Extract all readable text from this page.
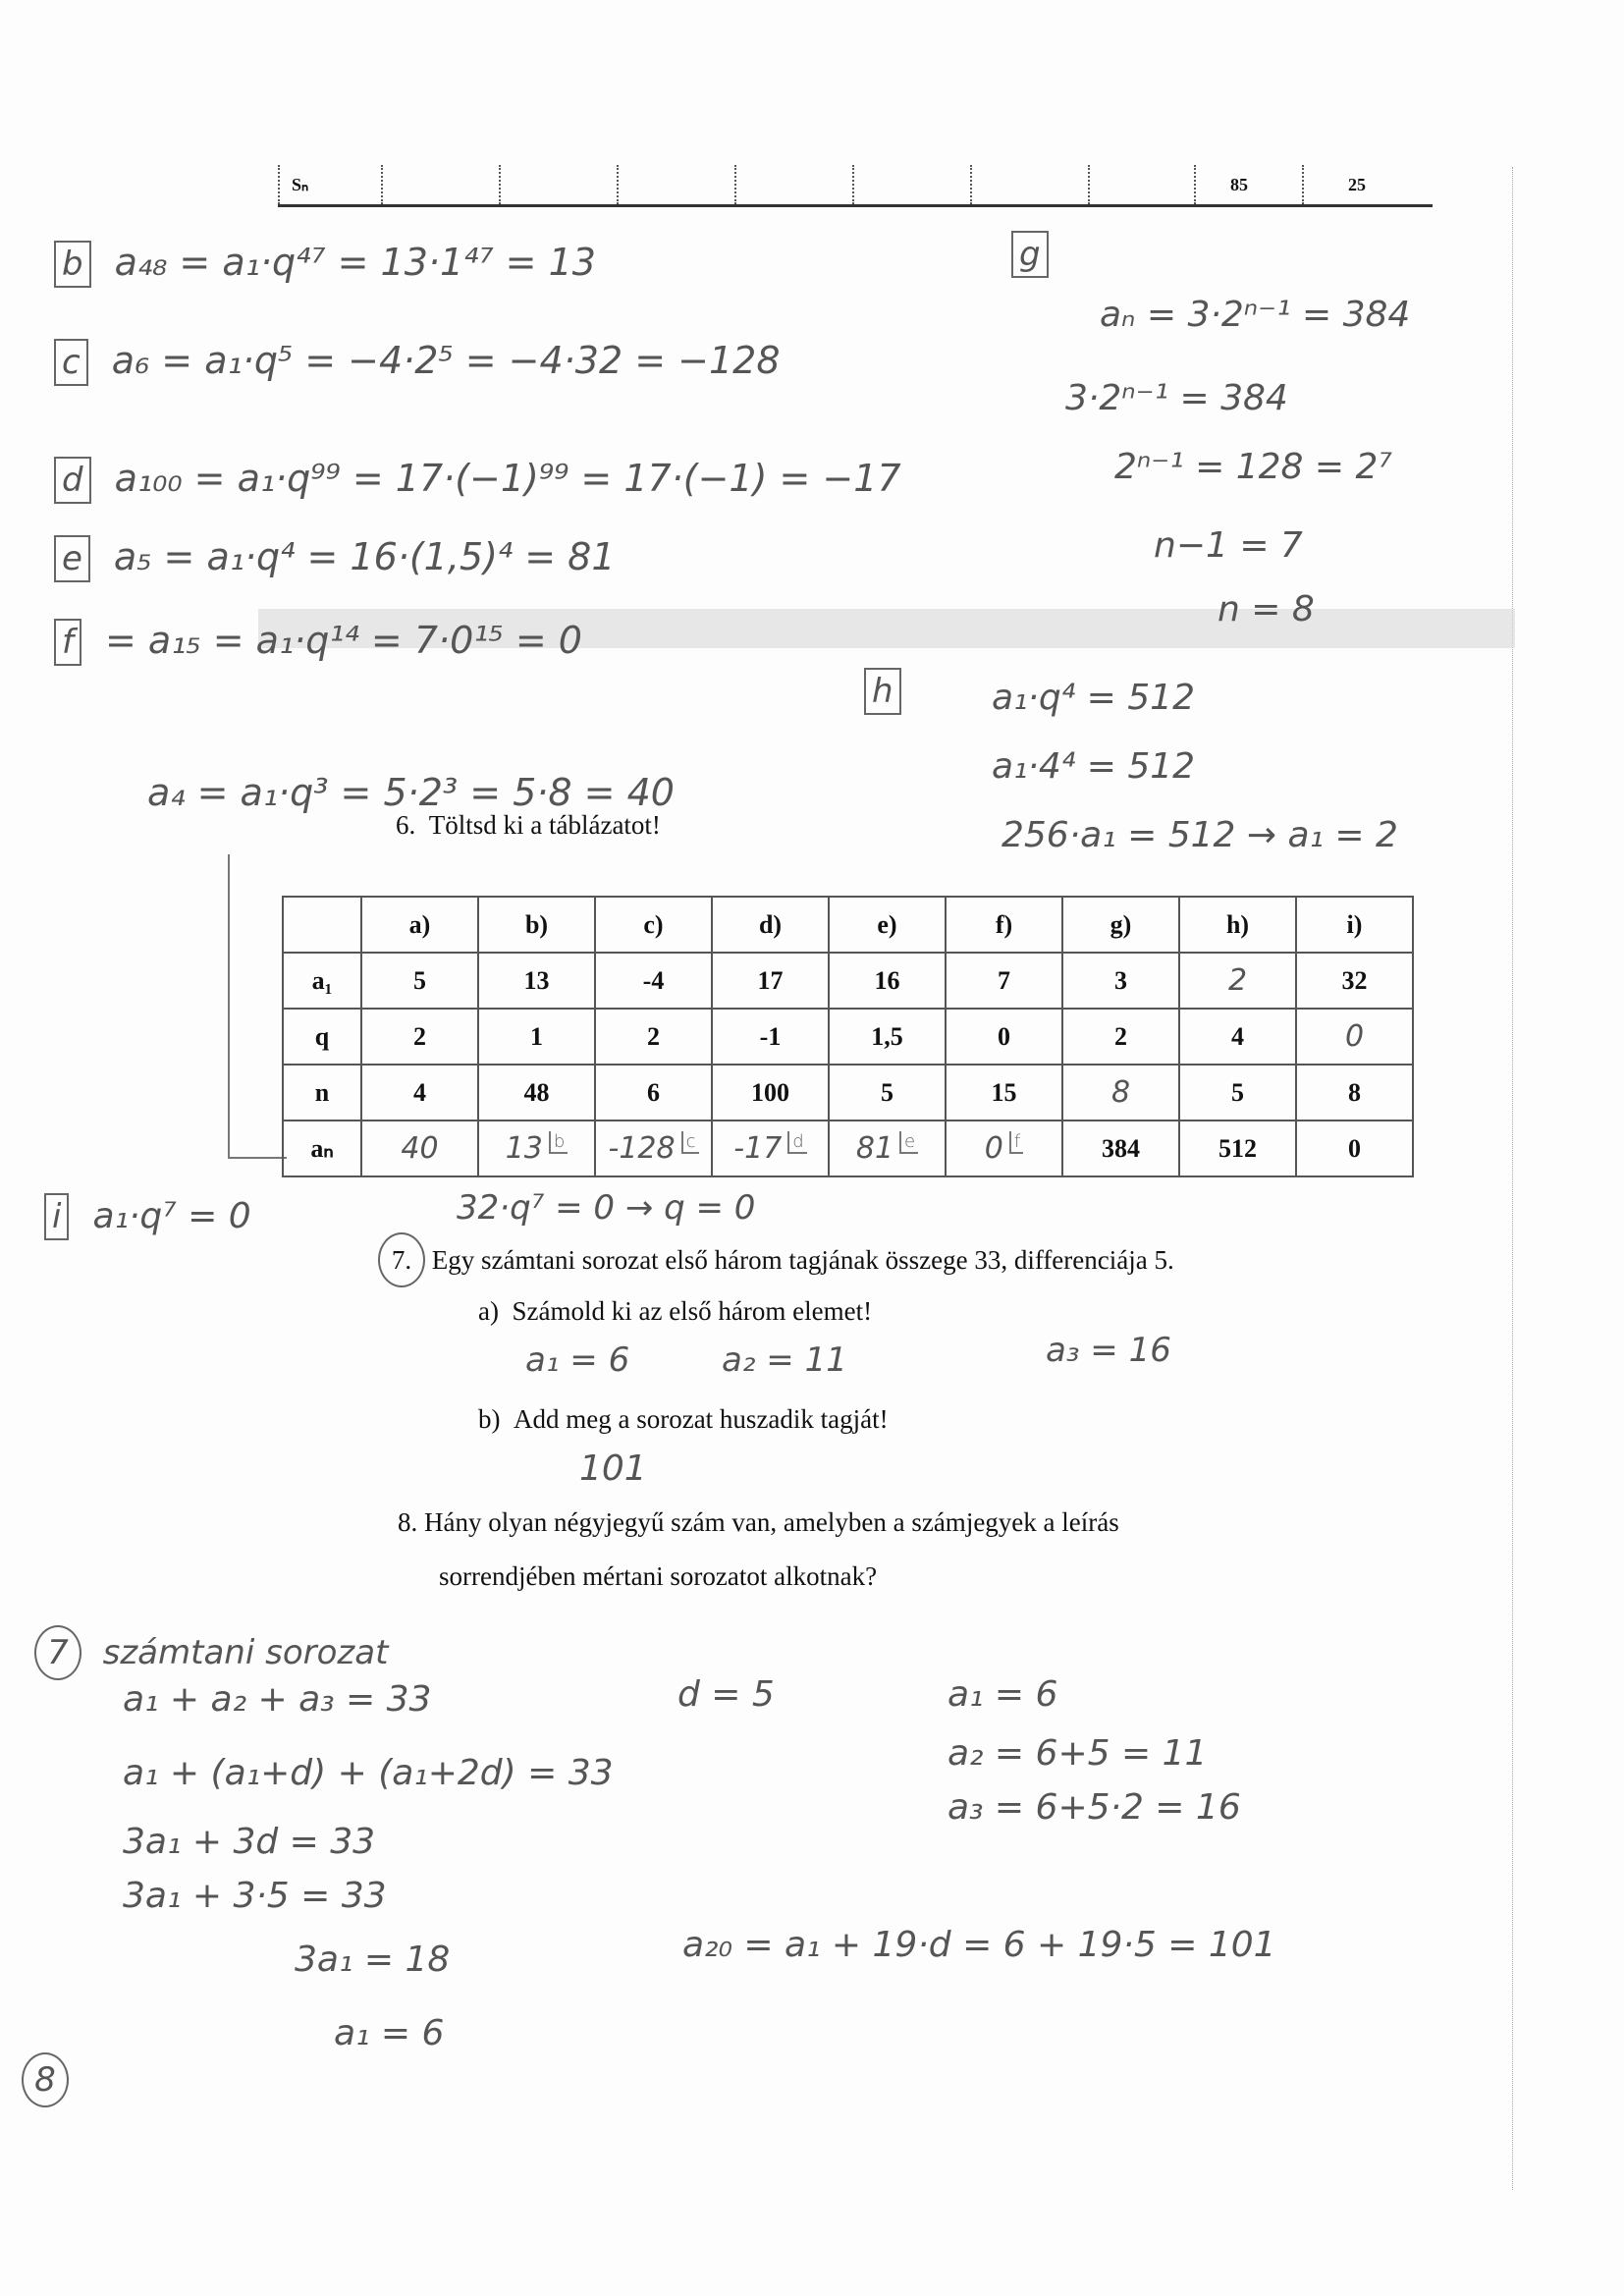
Sₙ	85	25
b a₄₈ = a₁·q⁴⁷ = 13·1⁴⁷ = 13
c a₆ = a₁·q⁵ = −4·2⁵ = −4·32 = −128
d a₁₀₀ = a₁·q⁹⁹ = 17·(−1)⁹⁹ = 17·(−1) = −17
e a₅ = a₁·q⁴ = 16·(1,5)⁴ = 81
f = a₁₅ = a₁·q¹⁴ = 7·0¹⁵ = 0
g
aₙ = 3·2ⁿ⁻¹ = 384
3·2ⁿ⁻¹ = 384
2ⁿ⁻¹ = 128 = 2⁷
n−1 = 7
n = 8
h	a₁·q⁴ = 512
a₁·4⁴ = 512
256·a₁ = 512 → a₁ = 2
a₄ = a₁·q³ = 5·2³ = 5·8 = 40
6. Töltsd ki a táblázatot!
	a)	b)	c)	d)	e)	f)	g)	h)	i)
a₁	5	13	-4	17	16	7	3	2	32
q	2	1	2	-1	1,5	0	2	4	0
n	4	48	6	100	5	15	8	5	8
aₙ	40	13 $^b$	-128 $^c$	-17 $^d$	81 $^e$	0 $^f$	384	512	0
i a₁·q⁷ = 0	32·q⁷ = 0 → q = 0
7. Egy számtani sorozat első három tagjának összege 33, differenciája 5.
a) Számold ki az első három elemet!
a₁ = 6	a₂ = 11	a₃ = 16
b) Add meg a sorozat huszadik tagját!
101
8. Hány olyan négyjegyű szám van, amelyben a számjegyek a leírás
sorrendjében mértani sorozatot alkotnak?
7 számtani sorozat
a₁ + a₂ + a₃ = 33	d = 5	a₁ = 6
a₂ = 6+5 = 11
a₃ = 6+5·2 = 16
a₁ + (a₁+d) + (a₁+2d) = 33
3a₁ + 3d = 33
3a₁ + 3·5 = 33
3a₁ = 18
a₁ = 6
a₂₀ = a₁ + 19·d = 6 + 19·5 = 101
8
